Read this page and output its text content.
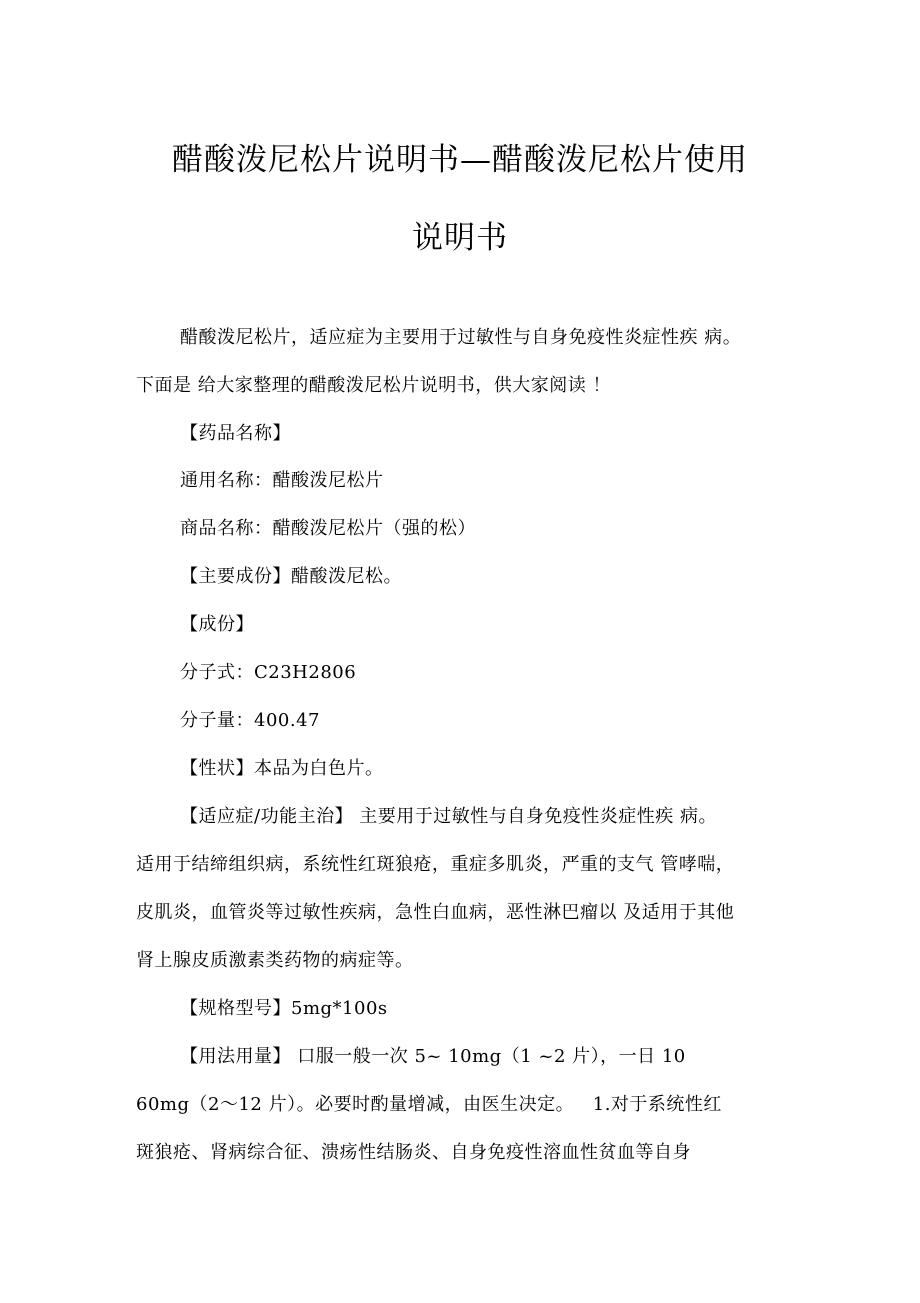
醋酸泼尼松片说明书—醋酸泼尼松片使用
说明书
醋酸泼尼松片，适应症为主要用于过敏性与自身免疫性炎症性疾 病。
下面是 给大家整理的醋酸泼尼松片说明书，供大家阅读 ！
【药品名称】
通用名称：醋酸泼尼松片
商品名称：醋酸泼尼松片（强的松）
【主要成份】醋酸泼尼松。
【成份】
分子式：C23H2806
分子量：400.47
【性状】本品为白色片。
【适应症/功能主治】 主要用于过敏性与自身免疫性炎症性疾 病。
适用于结缔组织病，系统性红斑狼疮，重症多肌炎，严重的支气 管哮喘，
皮肌炎，血管炎等过敏性疾病，急性白血病，恶性淋巴瘤以 及适用于其他
肾上腺皮质激素类药物的病症等。
【规格型号】5mg*100s
【用法用量】 口服一般一次 5~ 10mg（1 ~2 片），一日 10
60mg（2～12 片）。必要时酌量增减，由医生决定。   1.对于系统性红
斑狼疮、肾病综合征、溃疡性结肠炎、自身免疫性溶血性贫血等自身
